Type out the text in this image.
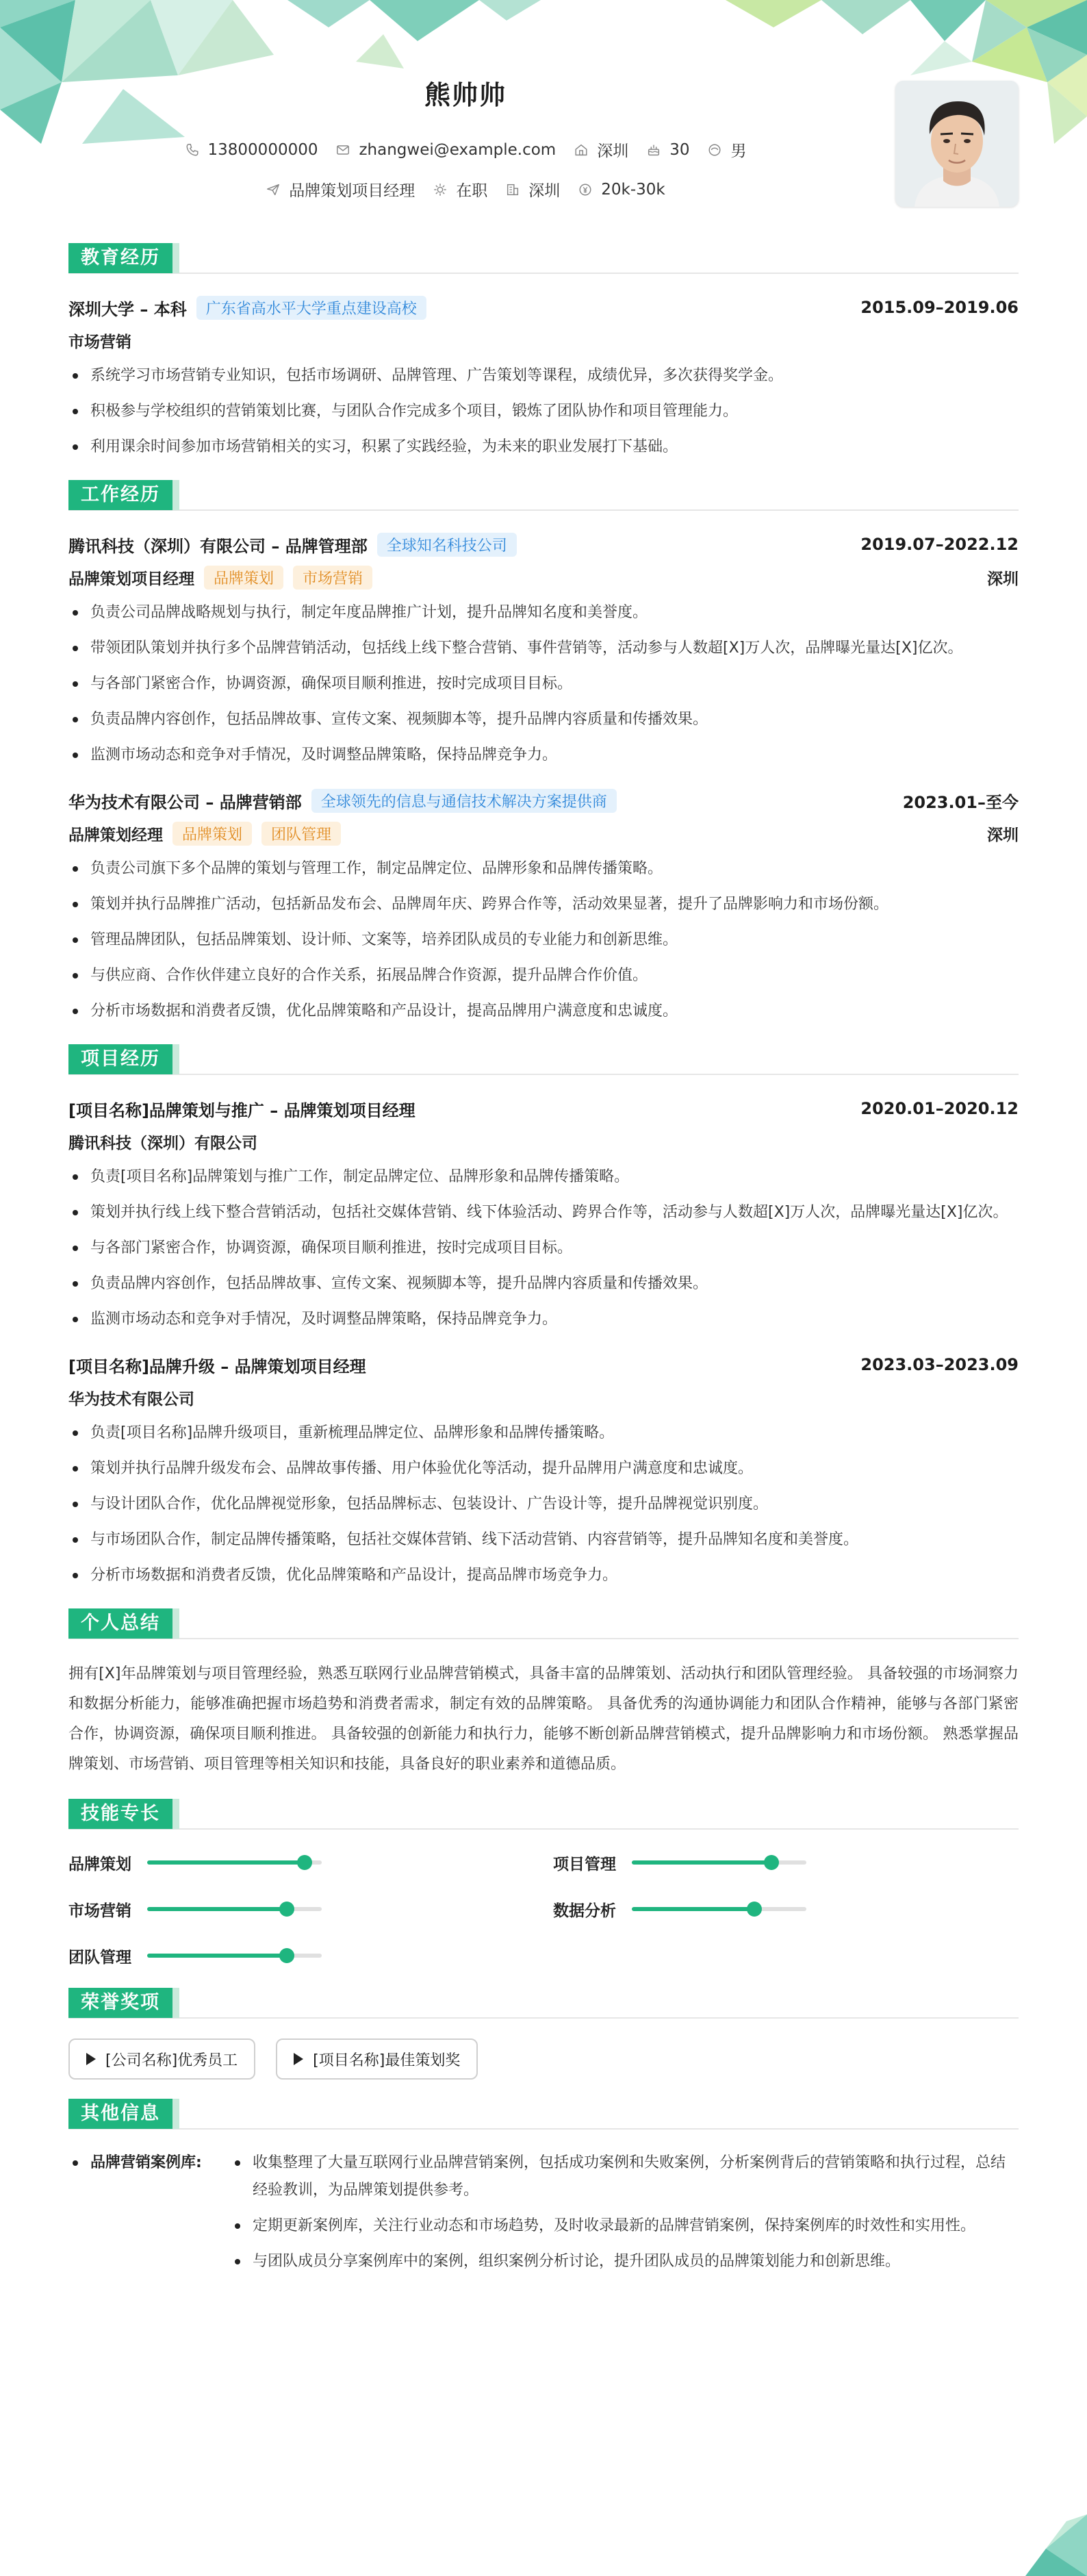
熊帅帅
13800000000	zhangwei@example.com	深圳	30	男
品牌策划项目经理	在职	深圳	20k-30k
教育经历
深圳大学 – 本科	广东省高水平大学重点建设高校	2015.09–2019.06
市场营销
系统学习市场营销专业知识，包括市场调研、品牌管理、广告策划等课程，成绩优异，多次获得奖学金。
积极参与学校组织的营销策划比赛，与团队合作完成多个项目，锻炼了团队协作和项目管理能力。
利用课余时间参加市场营销相关的实习，积累了实践经验，为未来的职业发展打下基础。
工作经历
腾讯科技（深圳）有限公司 – 品牌管理部	全球知名科技公司	2019.07–2022.12
品牌策划项目经理	品牌策划	市场营销	深圳
负责公司品牌战略规划与执行，制定年度品牌推广计划，提升品牌知名度和美誉度。
带领团队策划并执行多个品牌营销活动，包括线上线下整合营销、事件营销等，活动参与人数超[X]万人次，品牌曝光量达[X]亿次。
与各部门紧密合作，协调资源，确保项目顺利推进，按时完成项目目标。
负责品牌内容创作，包括品牌故事、宣传文案、视频脚本等，提升品牌内容质量和传播效果。
监测市场动态和竞争对手情况，及时调整品牌策略，保持品牌竞争力。
华为技术有限公司 – 品牌营销部	全球领先的信息与通信技术解决方案提供商	2023.01–至今
品牌策划经理	品牌策划	团队管理	深圳
负责公司旗下多个品牌的策划与管理工作，制定品牌定位、品牌形象和品牌传播策略。
策划并执行品牌推广活动，包括新品发布会、品牌周年庆、跨界合作等，活动效果显著，提升了品牌影响力和市场份额。
管理品牌团队，包括品牌策划、设计师、文案等，培养团队成员的专业能力和创新思维。
与供应商、合作伙伴建立良好的合作关系，拓展品牌合作资源，提升品牌合作价值。
分析市场数据和消费者反馈，优化品牌策略和产品设计，提高品牌用户满意度和忠诚度。
项目经历
[项目名称]品牌策划与推广 – 品牌策划项目经理	2020.01–2020.12
腾讯科技（深圳）有限公司
负责[项目名称]品牌策划与推广工作，制定品牌定位、品牌形象和品牌传播策略。
策划并执行线上线下整合营销活动，包括社交媒体营销、线下体验活动、跨界合作等，活动参与人数超[X]万人次，品牌曝光量达[X]亿次。
与各部门紧密合作，协调资源，确保项目顺利推进，按时完成项目目标。
负责品牌内容创作，包括品牌故事、宣传文案、视频脚本等，提升品牌内容质量和传播效果。
监测市场动态和竞争对手情况，及时调整品牌策略，保持品牌竞争力。
[项目名称]品牌升级 – 品牌策划项目经理	2023.03–2023.09
华为技术有限公司
负责[项目名称]品牌升级项目，重新梳理品牌定位、品牌形象和品牌传播策略。
策划并执行品牌升级发布会、品牌故事传播、用户体验优化等活动，提升品牌用户满意度和忠诚度。
与设计团队合作，优化品牌视觉形象，包括品牌标志、包装设计、广告设计等，提升品牌视觉识别度。
与市场团队合作，制定品牌传播策略，包括社交媒体营销、线下活动营销、内容营销等，提升品牌知名度和美誉度。
分析市场数据和消费者反馈，优化品牌策略和产品设计，提高品牌市场竞争力。
个人总结
拥有[X]年品牌策划与项目管理经验，熟悉互联网行业品牌营销模式，具备丰富的品牌策划、活动执行和团队管理经验。 具备较强的市场洞察力和数据分析能力，能够准确把握市场趋势和消费者需求，制定有效的品牌策略。 具备优秀的沟通协调能力和团队合作精神，能够与各部门紧密合作，协调资源，确保项目顺利推进。 具备较强的创新能力和执行力，能够不断创新品牌营销模式，提升品牌影响力和市场份额。 熟悉掌握品牌策划、市场营销、项目管理等相关知识和技能，具备良好的职业素养和道德品质。
技能专长
品牌策划	项目管理
市场营销	数据分析
团队管理
荣誉奖项
[公司名称]优秀员工	[项目名称]最佳策划奖
其他信息
品牌营销案例库:	收集整理了大量互联网行业品牌营销案例，包括成功案例和失败案例，分析案例背后的营销策略和执行过程，总结经验教训，为品牌策划提供参考。
定期更新案例库，关注行业动态和市场趋势，及时收录最新的品牌营销案例，保持案例库的时效性和实用性。
与团队成员分享案例库中的案例，组织案例分析讨论，提升团队成员的品牌策划能力和创新思维。
